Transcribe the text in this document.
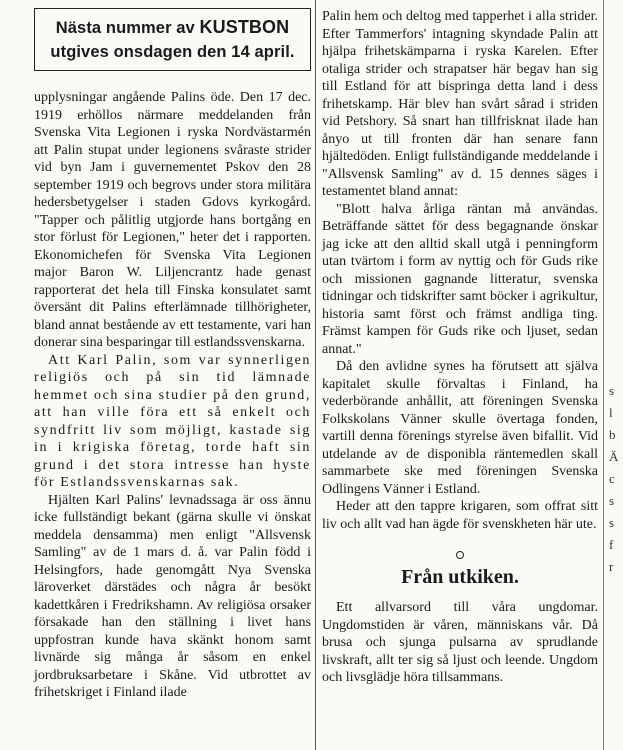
s
l
b
Ä
c
s
s
f
r
Nästa nummer av KUSTBON
utgives onsdagen den 14 april.

upplysningar angående Palins öde. Den 17 dec. 1919 erhöllos närmare meddelanden från Svenska Vita Legionen i ryska Nordvästarmén att Palin stupat under legionens svåraste strider vid byn Jam i guvernementet Pskov den 28 september 1919 och begrovs under stora militära hedersbetygelser i staden Gdovs kyrkogård. "Tapper och pålitlig utgjorde hans bortgång en stor förlust för Legionen," heter det i rapporten. Ekonomichefen för Svenska Vita Legionen major Baron W. Liljencrantz hade genast rapporterat det hela till Finska konsulatet samt översänt dit Palins efterlämnade tillhörigheter, bland annat bestående av ett testamente, vari han donerar sina besparingar till estlandssvenskarna.

Att Karl Palin, som var synnerligen religiös och på sin tid lämnade hemmet och sina studier på den grund, att han ville föra ett så enkelt och syndfritt liv som möjligt, kastade sig in i krigiska företag, torde haft sin grund i det stora intresse han hyste för Estlandssvenskarnas sak.

Hjälten Karl Palins' levnadssaga är oss ännu icke fullständigt bekant (gärna skulle vi önskat meddela densamma) men enligt "Allsvensk Samling" av de 1 mars d. å. var Palin född i Helsingfors, hade genomgått Nya Svenska läroverket därstädes och några år besökt kadettkåren i Fredrikshamn. Av religiösa orsaker försakade han den ställning i livet hans uppfostran kunde hava skänkt honom samt livnärde sig många år såsom en enkel jordbruksarbetare i Skåne. Vid utbrottet av frihetskriget i Finland ilade

Palin hem och deltog med tapperhet i alla strider. Efter Tammerfors' intagning skyndade Palin att hjälpa frihetskämparna i ryska Karelen. Efter otaliga strider och strapatser här begav han sig till Estland för att bispringa detta land i dess frihetskamp. Här blev han svårt sårad i striden vid Petshory. Så snart han tillfrisknat ilade han ånyo ut till fronten där han senare fann hjältedöden. Enligt fullständigande meddelande i "Allsvensk Samling" av d. 15 dennes säges i testamentet bland annat:

"Blott halva årliga räntan må användas. Beträffande sättet för dess begagnande önskar jag icke att den alltid skall utgå i penningform utan tvärtom i form av nyttig och för Guds rike och missionen gagnande litteratur, svenska tidningar och tidskrifter samt böcker i agrikultur, historia samt först och främst andliga ting. Främst kampen för Guds rike och ljuset, sedan annat."

Då den avlidne synes ha förutsett att själva kapitalet skulle förvaltas i Finland, ha vederbörande anhållit, att föreningen Svenska Folkskolans Vänner skulle övertaga fonden, vartill denna förenings styrelse även bifallit. Vid utdelande av de disponibla räntemedlen skall sammarbete ske med föreningen Svenska Odlingens Vänner i Estland.

Heder att den tappre krigaren, som offrat sitt liv och allt vad han ägde för svenskheten här ute.

Från utkiken.

Ett allvarsord till våra ungdomar. Ungdomstiden är våren, människans vår. Då brusa och sjunga pulsarna av sprudlande livskraft, allt ter sig så ljust och leende. Ungdom och livsglädje höra tillsammans.
